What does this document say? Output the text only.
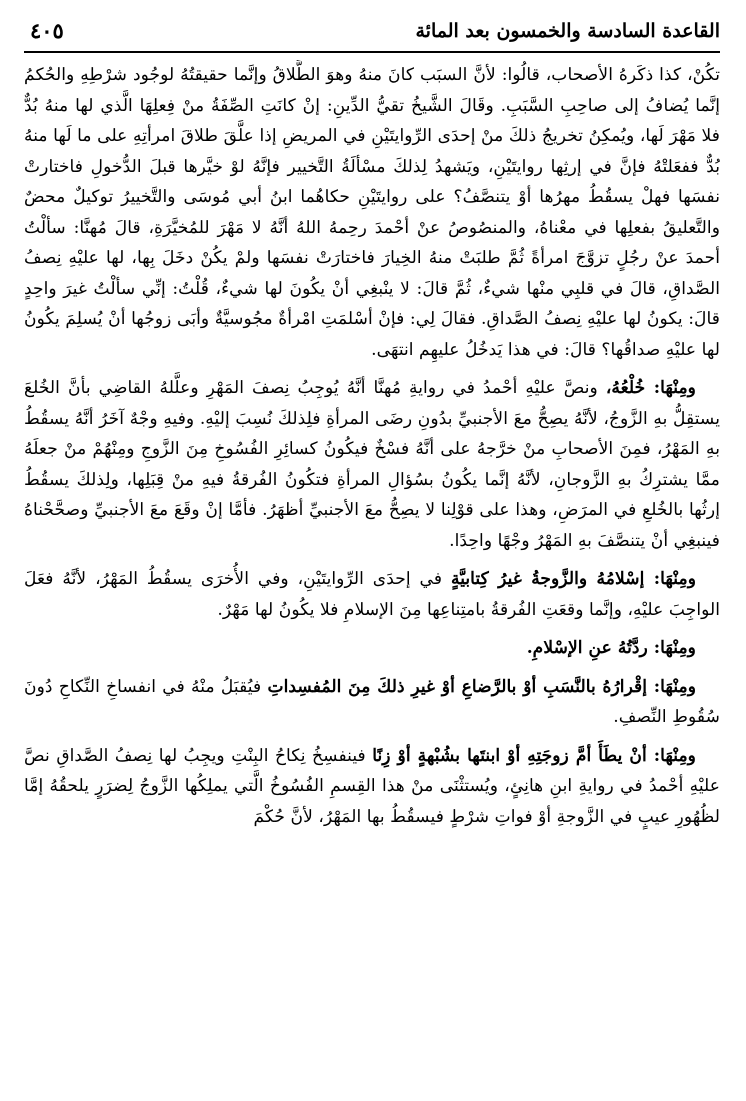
القاعدة السادسة والخمسون بعد المائة
٤٠٥

تكُنْ، كذا ذكَرهُ الأصحاب، قالُوا: لأنَّ السبَب كانَ منهُ وهوَ الطَّلاقُ وإنَّما حقيقتُهُ لوجُود شرْطِهِ والحُكمُ إنَّما يُضافُ إلى صاحِبِ السَّبَبِ. وقَالَ الشَّيخُ تقيُّ الدِّينِ: إنْ كانَتِ الصِّفَةُ منْ فِعلِهَا الَّذي لها منهُ بُدٌّ فلا مَهْرَ لَها، ويُمكِنُ تخريجُ ذلكَ منْ إحدَى الرِّوايتَيْنِ في المريضِ إذا علَّقَ طلاقَ امرأتِهِ على ما لَها منهُ بُدٌّ ففعَلتْهُ فإنَّ في إرثِها روايتَيْنِ، ويَشهدُ لِذلكَ مسْألَةُ التَّخيير فإنَّهُ لوْ خيَّرها قبلَ الدُّخولِ فاختارتْ نفسَها فهلْ يسقُطُ مهرُها أوْ يتنصَّفُ؟ على روايتَيْنِ حكاهُما ابنُ أبي مُوسَى والتَّخييرُ توكيلٌ محضٌ والتَّعليقُ بفعلِها في معْناهُ، والمنصُوصُ عنْ أحْمدَ رحِمهُ اللهُ أنَّهُ لا مَهْرَ للمُخيَّرَةِ، قالَ مُهنَّا: سألْتُ أحمدَ عنْ رجُلٍ تزوَّجَ امرأةً ثُمَّ طلبَتْ منهُ الخِيارَ فاختارَتْ نفسَها ولمْ يكُنْ دخَلَ بِها، لها عليْهِ نِصفُ الصَّداقِ، قالَ في قلبِي منْها شيءٌ، ثُمَّ قالَ: لا ينْبغِي أنْ يكُونَ لها شيءٌ، قُلْتُ: إنِّي سألْتُ غيرَ واحِدٍ قالَ: يكونُ لها عليْهِ نِصفُ الصَّداقِ. فقالَ لِي: فإنْ أسْلمَتِ امْرأةٌ مجُوسيَّةٌ وأبَى زوجُها أنْ يُسلِمَ يكُونُ لها عليْهِ صداقُها؟ قالَ: في هذا يَدخُلُ عليهِم انتهَى.

ومِنْهَا: خُلْعُهُ، ونصَّ عليْهِ أحْمدُ في روايةِ مُهنَّا أنَّهُ يُوجِبُ نِصفَ المَهْرِ وعلَّلهُ القاضِي بأنَّ الخُلعَ يستقِلُّ بهِ الزَّوجُ، لأنَّهُ يصِحُّ معَ الأجنبيِّ بدُونِ رضَى المرأةِ فلِذلكَ نُسِبَ إليْهِ. وفيهِ وجْهٌ آخَرُ أنَّهُ يسقُطُ بهِ المَهْرُ، فمِنَ الأصحابِ منْ خرَّجهُ على أنَّهُ فسْخٌ فيكُونُ كسائِرِ الفُسُوخِ مِنَ الزَّوجِ ومِنْهُمْ منْ جعلَهُ ممَّا يشترِكُ بهِ الزَّوجانِ، لأنَّهُ إنَّما يكُونُ بسُؤالِ المرأةِ فتكُونُ الفُرقةُ فيهِ منْ قِبَلِها، ولِذلكَ يسقُطُ إرثُها بالخُلعِ في المرَضِ، وهذا على قوْلِنا لا يصِحُّ معَ الأجنبيِّ أظهَرُ. فأمَّا إنْ وقَعَ معَ الأجنبيِّ وصحَّحْناهُ فينبغِي أنْ يتنصَّفَ بهِ المَهْرُ وجْهًا واحِدًا.

ومِنْهَا: إسْلامُهُ والزَّوجةُ غيرُ كِتابيَّةٍ في إحدَى الرِّوايتَيْنِ، وفي الأُخرَى يسقُطُ المَهْرُ، لأنَّهُ فعَلَ الواجِبَ عليْهِ، وإنَّما وقعَتِ الفُرقةُ بامتِناعِها مِنَ الإسلامِ فلا يكُونُ لها مَهْرٌ.

ومِنْهَا: ردَّتُهُ عنِ الإسْلامِ.

ومِنْهَا: إقْرارُهُ بالنَّسَبِ أوْ بالرَّضاعِ أوْ غيرِ ذلكَ مِنَ المُفسِداتِ فيُقبَلُ منْهُ في انفساخِ النِّكاحِ دُونَ سُقُوطِ النِّصفِ.

ومِنْهَا: أنْ يطَأَ أمَّ زوجَتِهِ أوْ ابنتَها بشُبْهةٍ أوْ زِنًا فينفسِخُ نِكاحُ البِنْتِ ويجِبُ لها نِصفُ الصَّداقِ نصَّ عليْهِ أحْمدُ في روايةِ ابنِ هانِئٍ، ويُستثْنَى منْ هذا القِسمِ الفُسُوخُ الَّتي يملِكُها الزَّوجُ لِضرَرٍ يلحقُهُ إمَّا لظُهُورِ عيبٍ في الزَّوجةِ أوْ فواتِ شرْطٍ فيسقُطُ بها المَهْرُ، لأنَّ حُكْمَ
